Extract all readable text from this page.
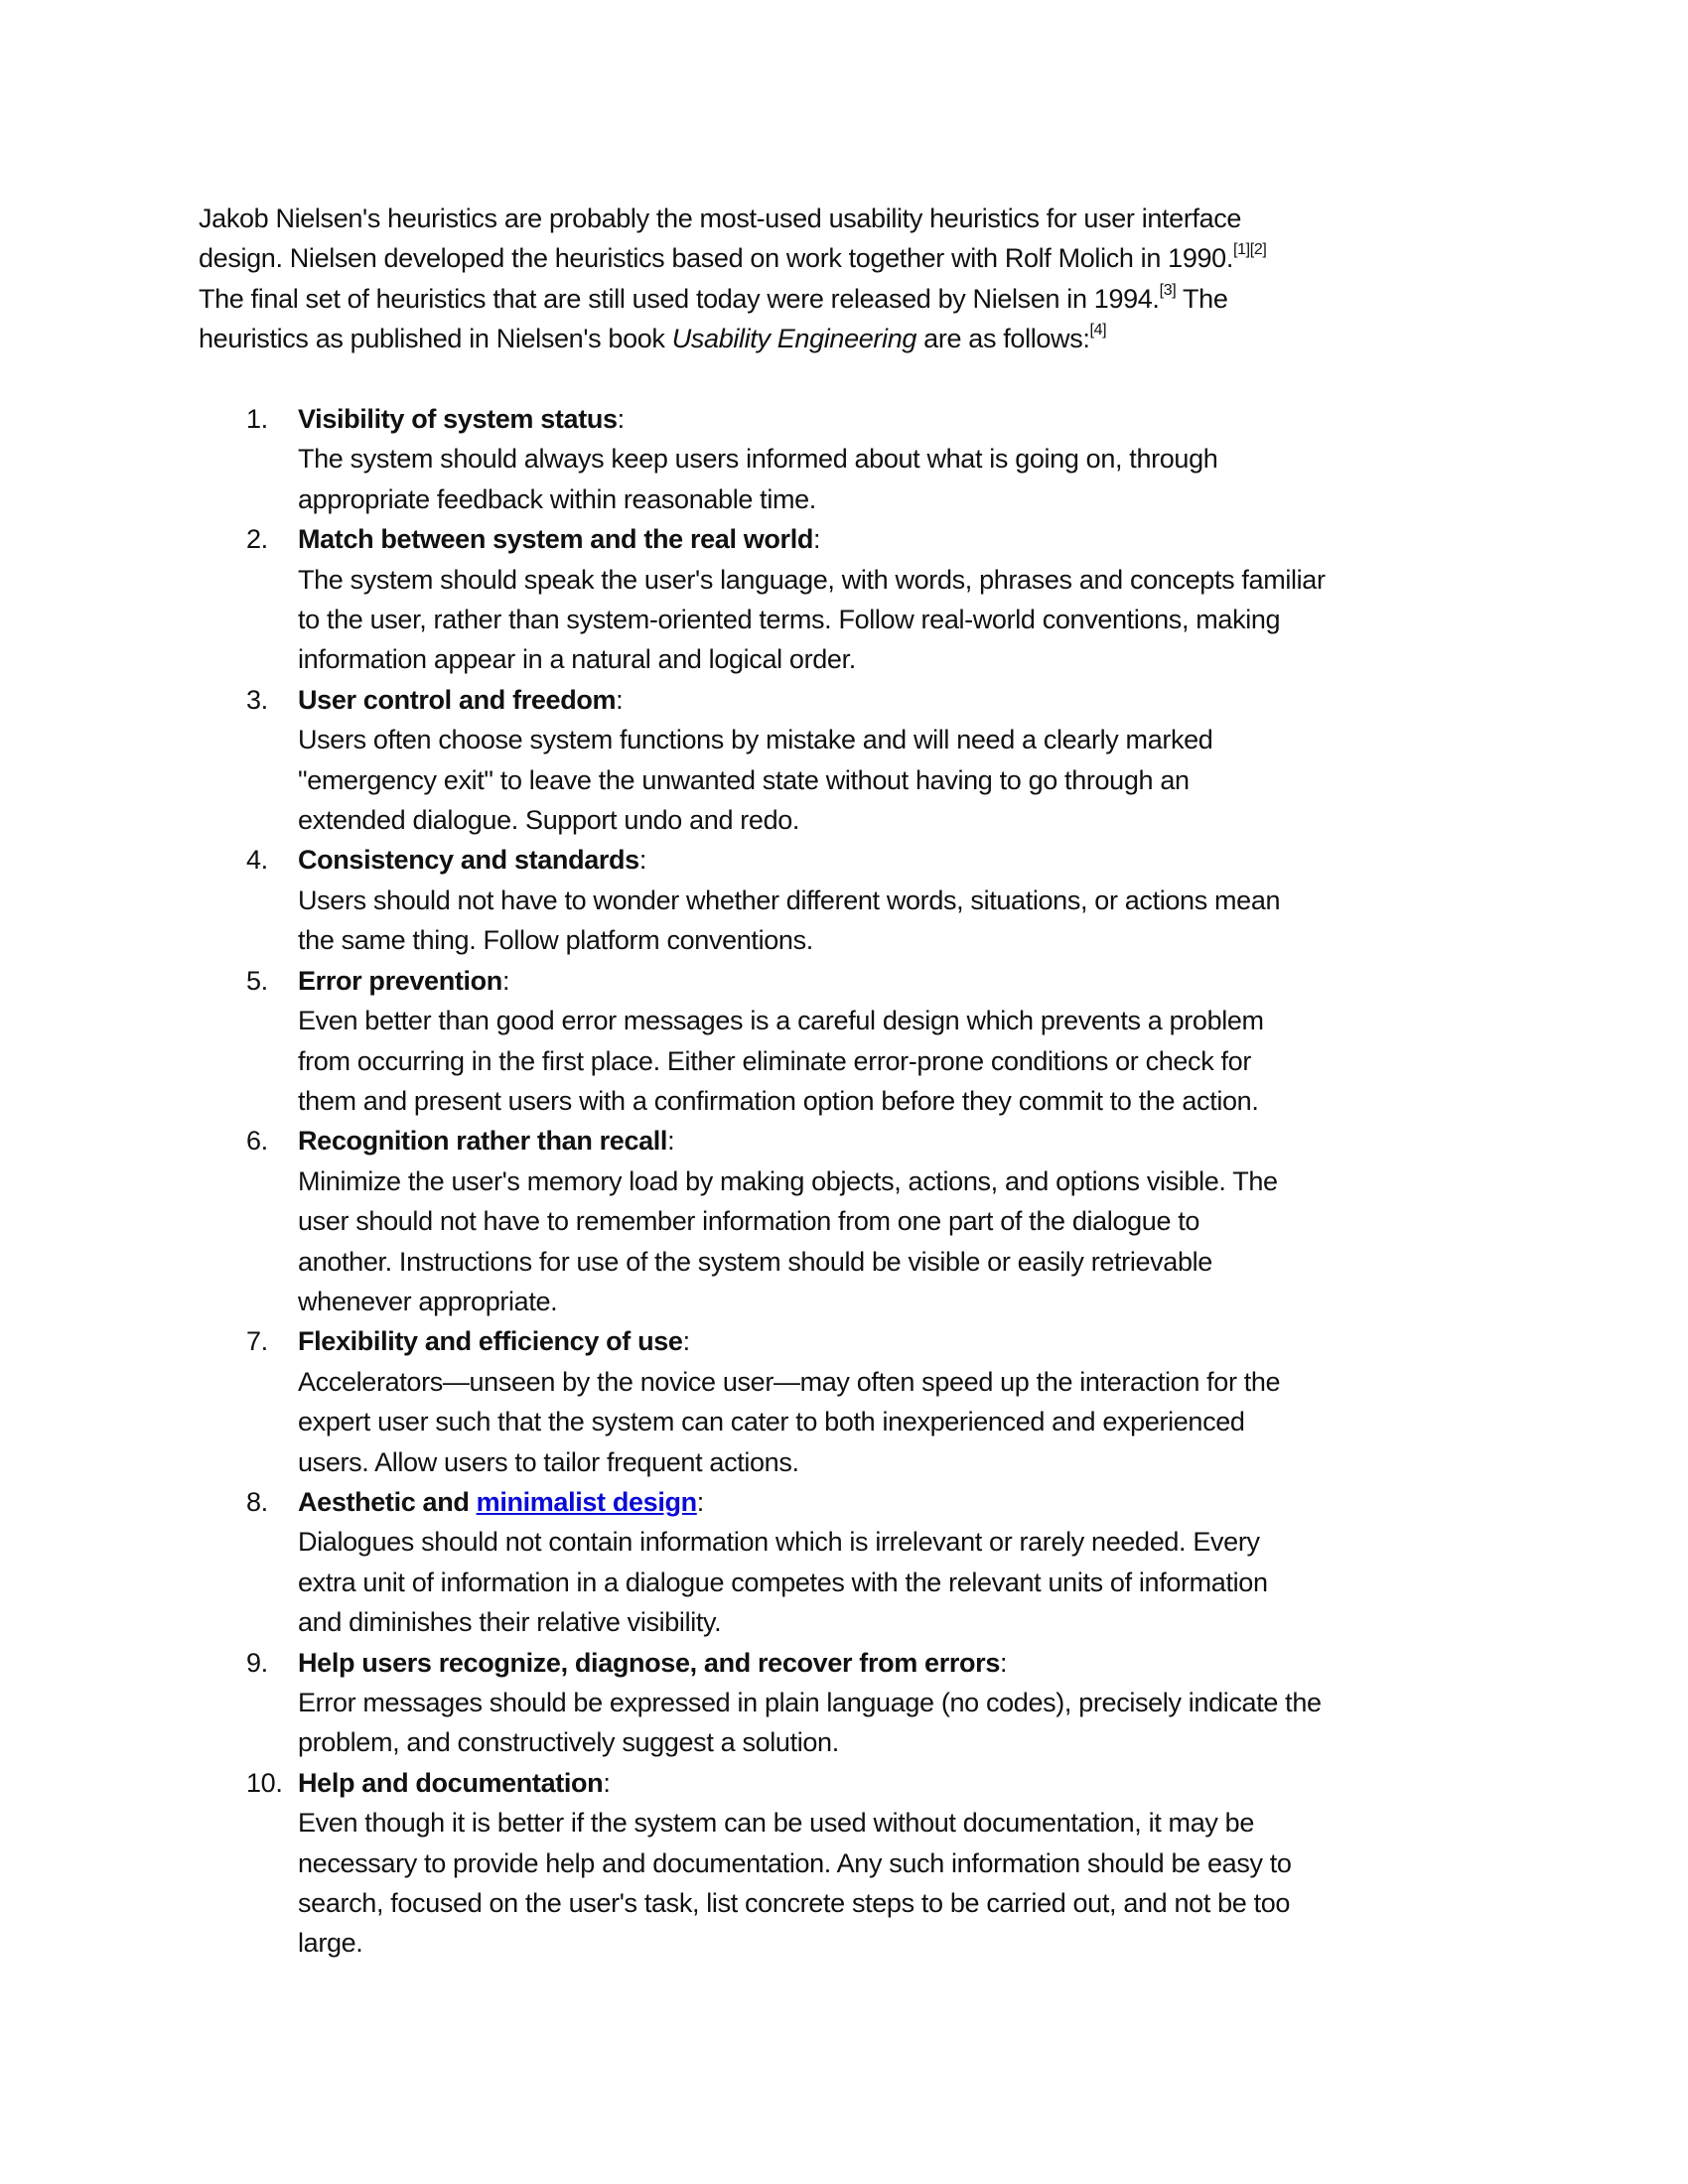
Jakob Nielsen's heuristics are probably the most-used usability heuristics for user interface
design. Nielsen developed the heuristics based on work together with Rolf Molich in 1990.[1][2]
The final set of heuristics that are still used today were released by Nielsen in 1994.[3] The
heuristics as published in Nielsen's book Usability Engineering are as follows:[4]

1. Visibility of system status:
The system should always keep users informed about what is going on, through
appropriate feedback within reasonable time.
2. Match between system and the real world:
The system should speak the user's language, with words, phrases and concepts familiar
to the user, rather than system-oriented terms. Follow real-world conventions, making
information appear in a natural and logical order.
3. User control and freedom:
Users often choose system functions by mistake and will need a clearly marked
"emergency exit" to leave the unwanted state without having to go through an
extended dialogue. Support undo and redo.
4. Consistency and standards:
Users should not have to wonder whether different words, situations, or actions mean
the same thing. Follow platform conventions.
5. Error prevention:
Even better than good error messages is a careful design which prevents a problem
from occurring in the first place. Either eliminate error-prone conditions or check for
them and present users with a confirmation option before they commit to the action.
6. Recognition rather than recall:
Minimize the user's memory load by making objects, actions, and options visible. The
user should not have to remember information from one part of the dialogue to
another. Instructions for use of the system should be visible or easily retrievable
whenever appropriate.
7. Flexibility and efficiency of use:
Accelerators—unseen by the novice user—may often speed up the interaction for the
expert user such that the system can cater to both inexperienced and experienced
users. Allow users to tailor frequent actions.
8. Aesthetic and minimalist design:
Dialogues should not contain information which is irrelevant or rarely needed. Every
extra unit of information in a dialogue competes with the relevant units of information
and diminishes their relative visibility.
9. Help users recognize, diagnose, and recover from errors:
Error messages should be expressed in plain language (no codes), precisely indicate the
problem, and constructively suggest a solution.
10. Help and documentation:
Even though it is better if the system can be used without documentation, it may be
necessary to provide help and documentation. Any such information should be easy to
search, focused on the user's task, list concrete steps to be carried out, and not be too
large.
